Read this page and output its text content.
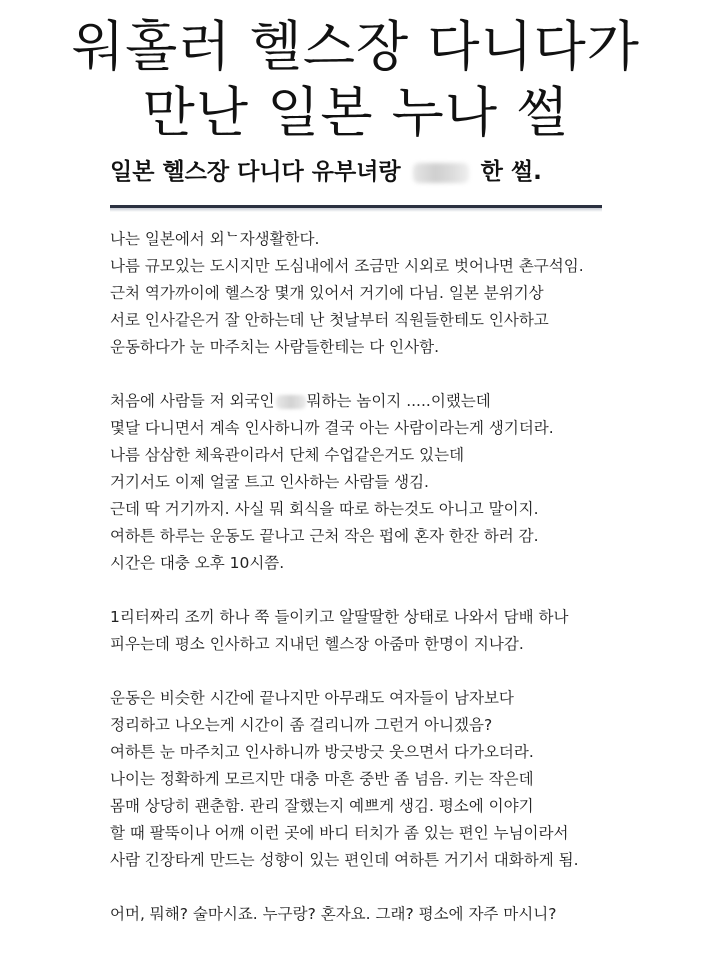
워홀러 헬스장 다니다가
만난 일본 누나 썰
일본 헬스장 다니다 유부녀랑	한 썰.
나는 일본에서 외ᄂ자생활한다.
나름 규모있는 도시지만 도심내에서 조금만 시외로 벗어나면 촌구석임.
근처 역가까이에 헬스장 몇개 있어서 거기에 다님. 일본 분위기상
서로 인사같은거 잘 안하는데 난 첫날부터 직원들한테도 인사하고
운동하다가 눈 마주치는 사람들한테는 다 인사함.
처음에 사람들 저 외국인 뭐하는 놈이지 .....이랬는데
몇달 다니면서 계속 인사하니까 결국 아는 사람이라는게 생기더라.
나름 삼삼한 체육관이라서 단체 수업같은거도 있는데
거기서도 이제 얼굴 트고 인사하는 사람들 생김.
근데 딱 거기까지. 사실 뭐 회식을 따로 하는것도 아니고 말이지.
여하튼 하루는 운동도 끝나고 근처 작은 펍에 혼자 한잔 하러 감.
시간은 대충 오후 10시쯤.
1리터짜리 조끼 하나 쭉 들이키고 알딸딸한 상태로 나와서 담배 하나
피우는데 평소 인사하고 지내던 헬스장 아줌마 한명이 지나감.
운동은 비슷한 시간에 끝나지만 아무래도 여자들이 남자보다
정리하고 나오는게 시간이 좀 걸리니까 그런거 아니겠음?
여하튼 눈 마주치고 인사하니까 방긋방긋 웃으면서 다가오더라.
나이는 정확하게 모르지만 대충 마흔 중반 좀 넘음. 키는 작은데
몸매 상당히 괜춘함. 관리 잘했는지 예쁘게 생김. 평소에 이야기
할 때 팔뚝이나 어깨 이런 곳에 바디 터치가 좀 있는 편인 누님이라서
사람 긴장타게 만드는 성향이 있는 편인데 여하튼 거기서 대화하게 됨.
어머, 뭐해? 술마시죠. 누구랑? 혼자요. 그래? 평소에 자주 마시니?
